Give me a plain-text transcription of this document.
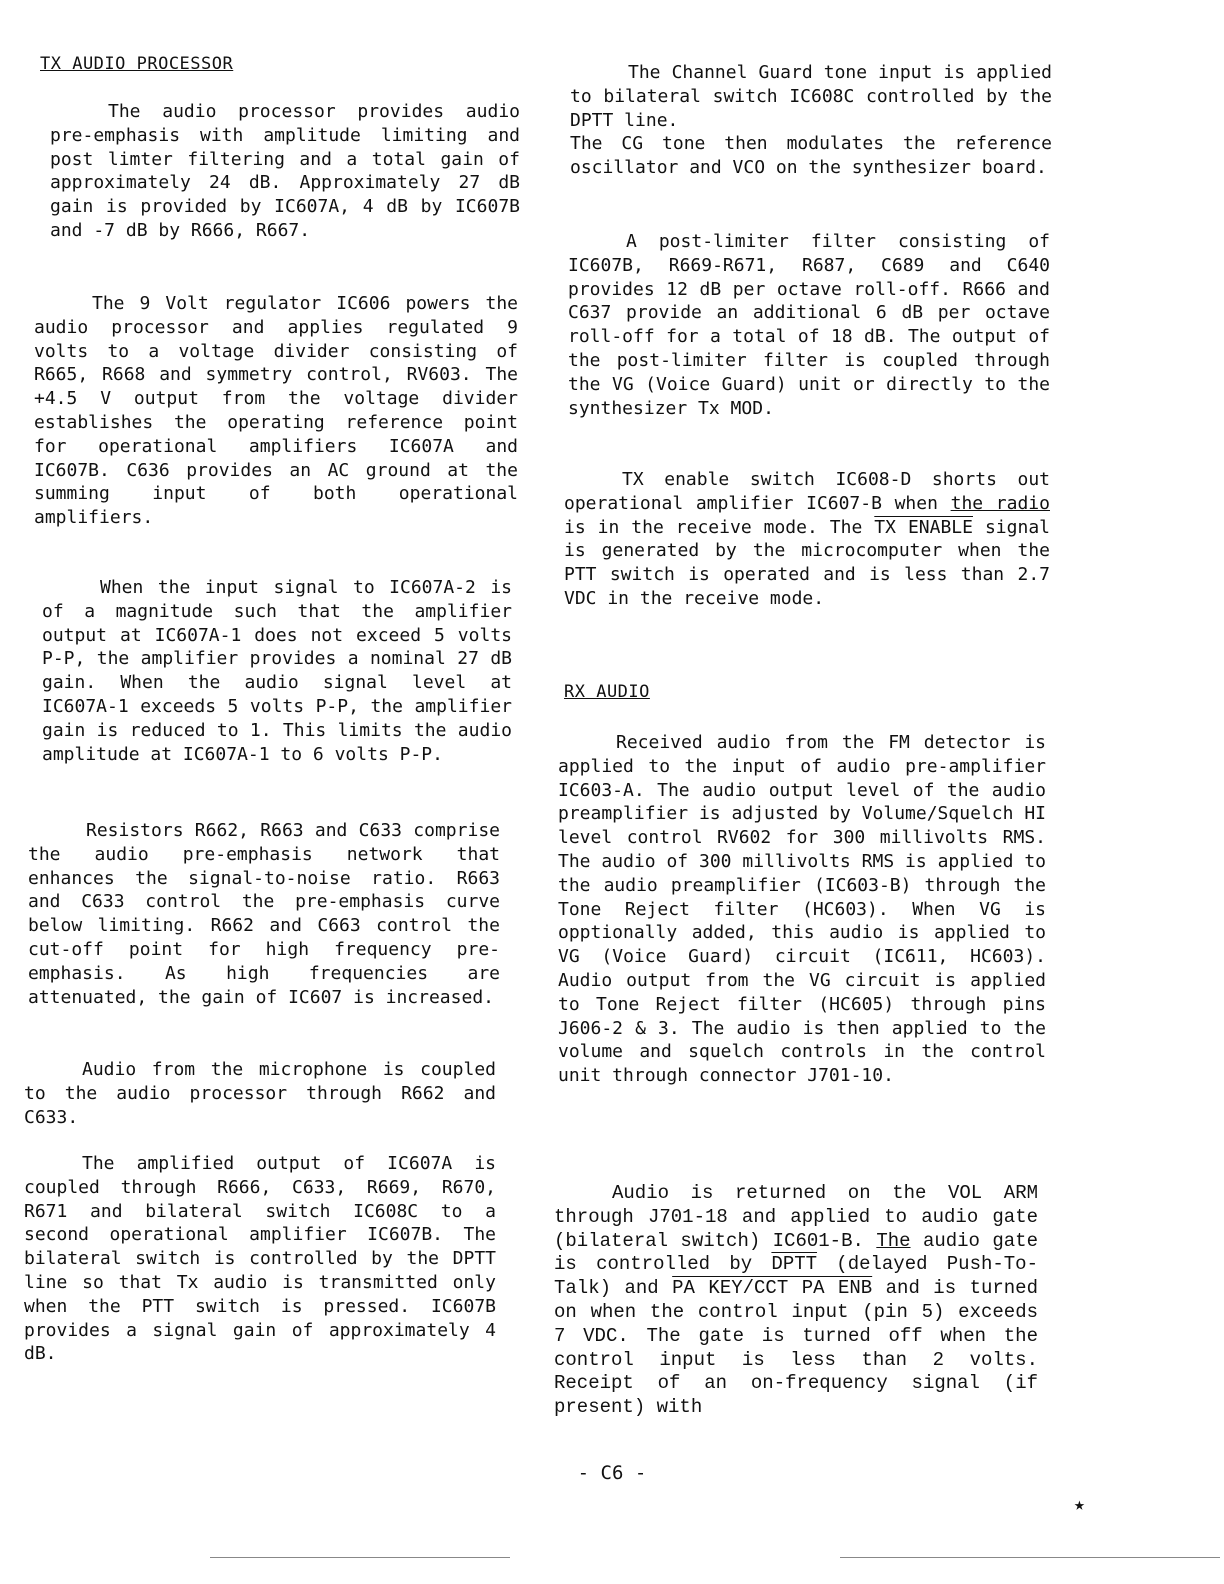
TX AUDIO PROCESSOR

The audio processor provides audio pre-emphasis with amplitude limiting and post limter filtering and a total gain of approximately 24 dB. Approximately 27 dB gain is provided by IC607A, 4 dB by IC607B and -7 dB by R666, R667.

The 9 Volt regulator IC606 powers the audio processor and applies regulated 9 volts to a voltage divider consisting of R665, R668 and symmetry control, RV603. The +4.5 V output from the voltage divider establishes the operating reference point for operational amplifiers IC607A and IC607B. C636 provides an AC ground at the summing input of both operational amplifiers.

When the input signal to IC607A-2 is of a magnitude such that the amplifier output at IC607A-1 does not exceed 5 volts P-P, the amplifier provides a nominal 27 dB gain. When the audio signal level at IC607A-1 exceeds 5 volts P-P, the amplifier gain is reduced to 1. This limits the audio amplitude at IC607A-1 to 6 volts P-P.

Resistors R662, R663 and C633 comprise the audio pre-emphasis network that enhances the signal-to-noise ratio. R663 and C633 control the pre-emphasis curve below limiting. R662 and C663 control the cut-off point for high frequency pre-emphasis. As high frequencies are attenuated, the gain of IC607 is increased.

Audio from the microphone is coupled to the audio processor through R662 and C633.

The amplified output of IC607A is coupled through R666, C633, R669, R670, R671 and bilateral switch IC608C to a second operational amplifier IC607B. The bilateral switch is controlled by the DPTT line so that Tx audio is transmitted only when the PTT switch is pressed. IC607B provides a signal gain of approximately 4 dB.

The Channel Guard tone input is applied to bilateral switch IC608C controlled by the DPTT line.
The CG tone then modulates the reference oscillator and VCO on the synthesizer board.

A post-limiter filter consisting of IC607B, R669-R671, R687, C689 and C640 provides 12 dB per octave roll-off. R666 and C637 provide an additional 6 dB per octave roll-off for a total of 18 dB. The output of the post-limiter filter is coupled through the VG (Voice Guard) unit or directly to the synthesizer Tx MOD.

TX enable switch IC608-D shorts out operational amplifier IC607-B when the radio is in the receive mode. The TX ENABLE signal is generated by the microcomputer when the PTT switch is operated and is less than 2.7 VDC in the receive mode.

RX AUDIO

Received audio from the FM detector is applied to the input of audio pre-amplifier IC603-A. The audio output level of the audio preamplifier is adjusted by Volume/Squelch HI level control RV602 for 300 millivolts RMS. The audio of 300 millivolts RMS is applied to the audio preamplifier (IC603-B) through the Tone Reject filter (HC603). When VG is opptionally added, this audio is applied to VG (Voice Guard) circuit (IC611, HC603). Audio output from the VG circuit is applied to Tone Reject filter (HC605) through pins J606-2 & 3. The audio is then applied to the volume and squelch controls in the control unit through connector J701-10.

Audio is returned on the VOL ARM through J701-18 and applied to audio gate (bilateral switch) IC601-B. The audio gate is controlled by DPTT (delayed Push-To-Talk) and PA KEY/CCT PA ENB and is turned on when the control input (pin 5) exceeds 7 VDC. The gate is turned off when the control input is less than 2 volts. Receipt of an on-frequency signal (if present) with

- C6 -
★
